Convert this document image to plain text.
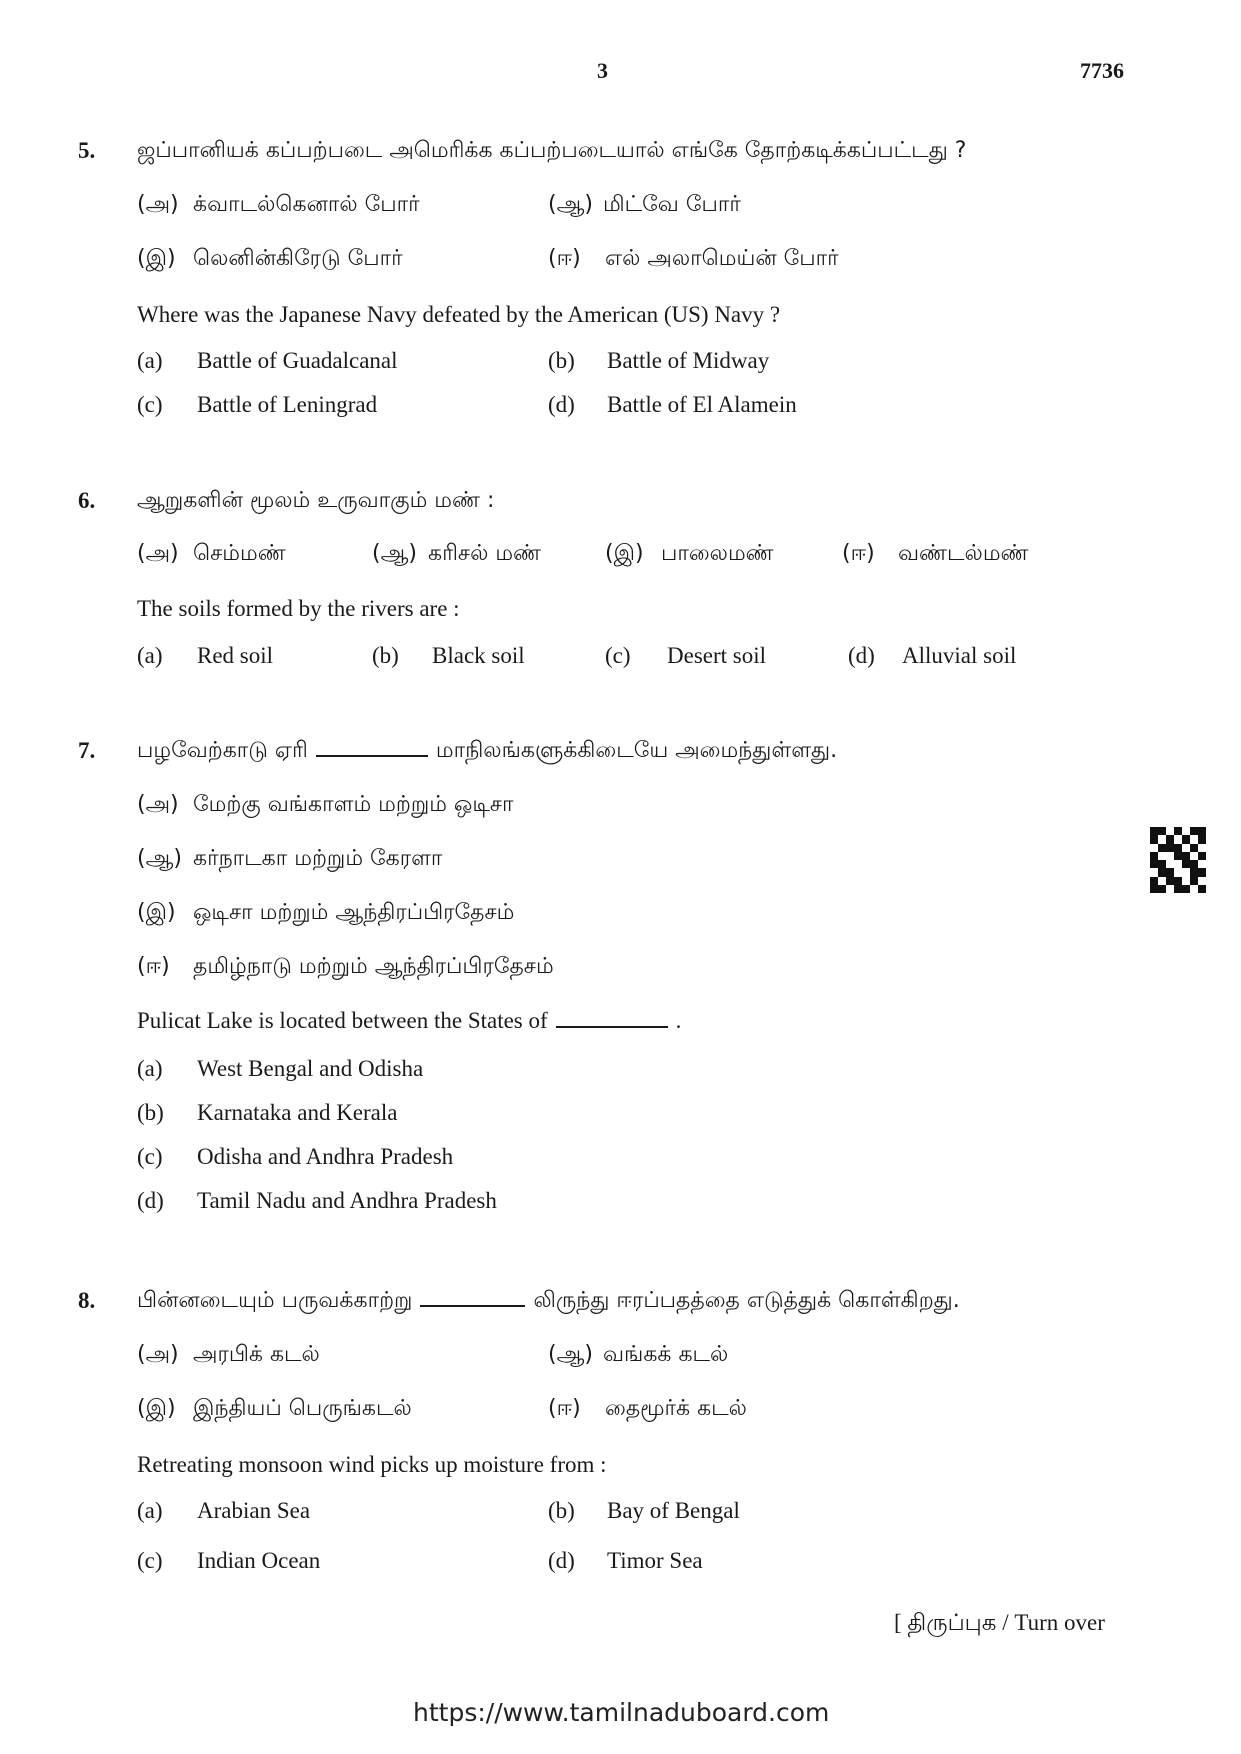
3	7736
5. ஜப்பானியக் கப்பற்படை அமெரிக்க கப்பற்படையால் எங்கே தோற்கடிக்கப்பட்டது ?
(அ) க்வாடல்கெனால் போர்	(ஆ) மிட்வே போர்
(இ) லெனின்கிரேடு போர்	(ஈ) எல் அலாமெய்ன் போர்
Where was the Japanese Navy defeated by the American (US) Navy ?
(a) Battle of Guadalcanal	(b) Battle of Midway
(c) Battle of Leningrad	(d) Battle of El Alamein
6. ஆறுகளின் மூலம் உருவாகும் மண் :
(அ) செம்மண்	(ஆ) கரிசல் மண்	(இ) பாலைமண்	(ஈ) வண்டல்மண்
The soils formed by the rivers are :
(a) Red soil	(b) Black soil	(c) Desert soil	(d) Alluvial soil
7. பழவேற்காடு ஏரி	மாநிலங்களுக்கிடையே அமைந்துள்ளது.
(அ) மேற்கு வங்காளம் மற்றும் ஒடிசா
(ஆ) கர்நாடகா மற்றும் கேரளா
(இ) ஒடிசா மற்றும் ஆந்திரப்பிரதேசம்
(ஈ) தமிழ்நாடு மற்றும் ஆந்திரப்பிரதேசம்
Pulicat Lake is located between the States of	.
(a) West Bengal and Odisha
(b) Karnataka and Kerala
(c) Odisha and Andhra Pradesh
(d) Tamil Nadu and Andhra Pradesh
8. பின்னடையும் பருவக்காற்று	லிருந்து ஈரப்பதத்தை எடுத்துக் கொள்கிறது.
(அ) அரபிக் கடல்	(ஆ) வங்கக் கடல்
(இ) இந்தியப் பெருங்கடல்	(ஈ) தைமூர்க் கடல்
Retreating monsoon wind picks up moisture from :
(a) Arabian Sea	(b) Bay of Bengal
(c) Indian Ocean	(d) Timor Sea
[ திருப்புக / Turn over
https://www.tamilnaduboard.com
